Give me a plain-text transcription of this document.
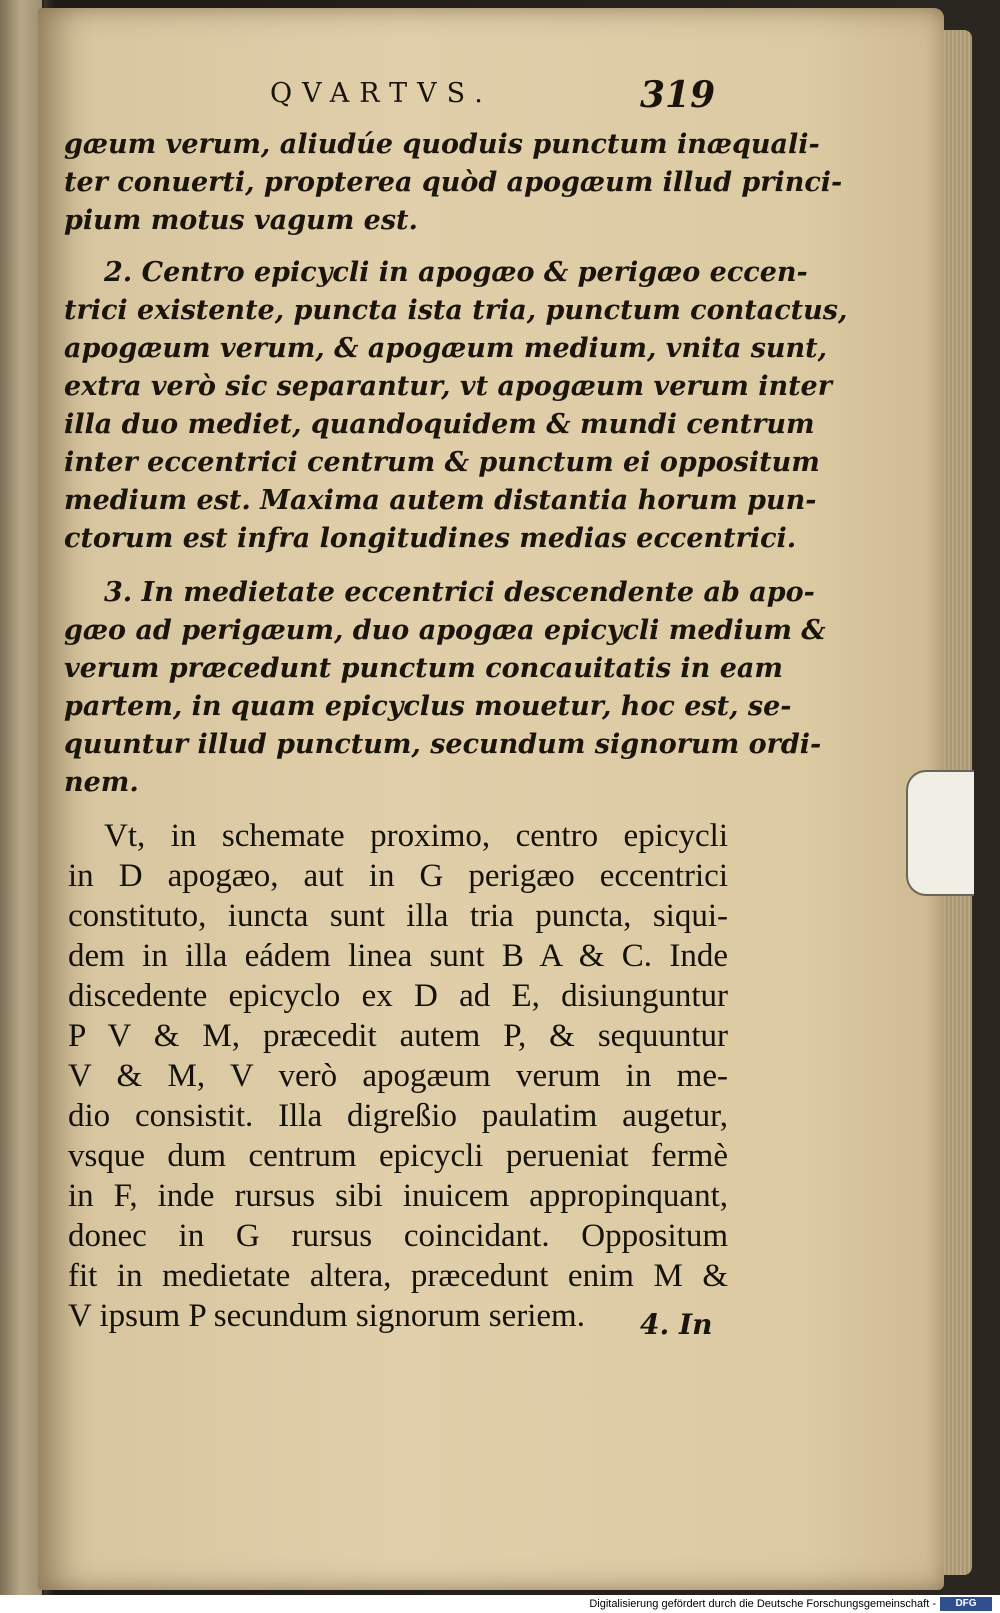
QVARTVS.	319
gæum verum, aliudúe quoduis punctum inæquali-
ter conuerti, propterea quòd apogæum illud princi-
pium motus vagum est.
2. Centro epicycli in apogæo & perigæo eccen-
trici existente, puncta ista tria, punctum contactus,
apogæum verum, & apogæum medium, vnita sunt,
extra verò sic separantur, vt apogæum verum inter
illa duo mediet, quandoquidem & mundi centrum
inter eccentrici centrum & punctum ei oppositum
medium est. Maxima autem distantia horum pun-
ctorum est infra longitudines medias eccentrici.
3. In medietate eccentrici descendente ab apo-
gæo ad perigæum, duo apogæa epicycli medium &
verum præcedunt punctum concauitatis in eam
partem, in quam epicyclus mouetur, hoc est, se-
quuntur illud punctum, secundum signorum ordi-
nem.
Vt, in schemate proximo, centro epicycli
in D apogæo, aut in G perigæo eccentrici
constituto, iuncta sunt illa tria puncta, siqui-
dem in illa eádem linea sunt B A & C. Inde
discedente epicyclo ex D ad E, disiunguntur
P V & M, præcedit autem P, & sequuntur
V & M, V verò apogæum verum in me-
dio consistit. Illa digreßio paulatim augetur,
vsque dum centrum epicycli perueniat fermè
in F, inde rursus sibi inuicem appropinquant,
donec in G rursus coincidant. Oppositum
fit in medietate altera, præcedunt enim M &
V ipsum P secundum signorum seriem.	4. In
Digitalisierung gefördert durch die Deutsche Forschungsgemeinschaft -	DFG
